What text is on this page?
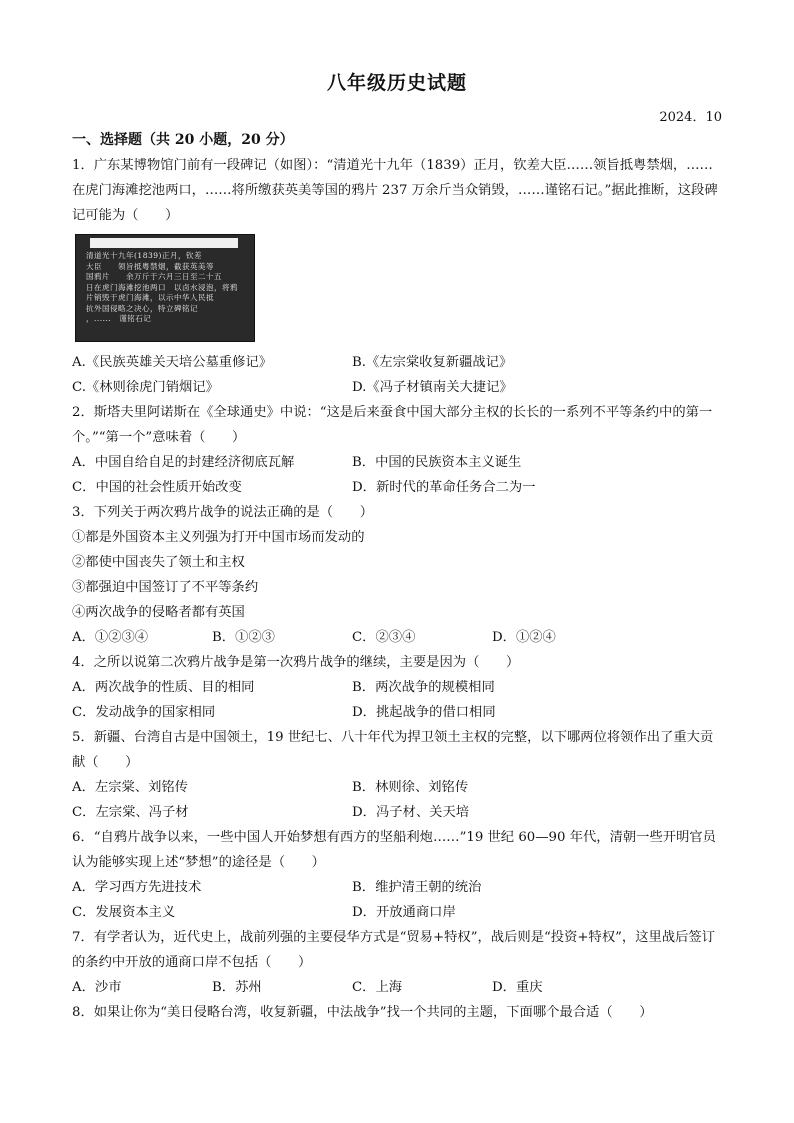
八年级历史试题
2024．10
一、选择题（共 20 小题，20 分）
1．广东某博物馆门前有一段碑记（如图）：“清道光十九年（1839）正月，钦差大臣……领旨抵粤禁烟，……在虎门海滩挖池两口，……将所缴获英美等国的鸦片 237 万余斤当众销毁，……谨铭石记。”据此推断，这段碑记可能为（　　）
清道光十九年(1839)正月，钦差
大臣　　领旨抵粤禁烟，截获英美等
国鸦片　　余万斤于六月三日至二十五
日在虎门海滩挖池两口　以卤水浸泡，将鸦
片销毁于虎门海滩，以示中华人民抵
抗外国侵略之决心，特立碑铭记
，......　谨铭石记
A.《民族英雄关天培公墓重修记》	B.《左宗棠收复新疆战记》
C.《林则徐虎门销烟记》	D.《冯子材镇南关大捷记》
2．斯塔夫里阿诺斯在《全球通史》中说：“这是后来蚕食中国大部分主权的长长的一系列不平等条约中的第一个。”“第一个”意味着（　　）
A．中国自给自足的封建经济彻底瓦解	B．中国的民族资本主义诞生
C．中国的社会性质开始改变	D．新时代的革命任务合二为一
3．下列关于两次鸦片战争的说法正确的是（　　）
①都是外国资本主义列强为打开中国市场而发动的
②都使中国丧失了领土和主权
③都强迫中国签订了不平等条约
④两次战争的侵略者都有英国
A．①②③④	B．①②③	C．②③④	D．①②④
4．之所以说第二次鸦片战争是第一次鸦片战争的继续，主要是因为（　　）
A．两次战争的性质、目的相同	B．两次战争的规模相同
C．发动战争的国家相同	D．挑起战争的借口相同
5．新疆、台湾自古是中国领土，19 世纪七、八十年代为捍卫领土主权的完整，以下哪两位将领作出了重大贡献（　　）
A．左宗棠、刘铭传	B．林则徐、刘铭传
C．左宗棠、冯子材	D．冯子材、关天培
6．“自鸦片战争以来，一些中国人开始梦想有西方的坚船利炮……”19 世纪 60—90 年代，清朝一些开明官员认为能够实现上述“梦想”的途径是（　　）
A．学习西方先进技术	B．维护清王朝的统治
C．发展资本主义	D．开放通商口岸
7．有学者认为，近代史上，战前列强的主要侵华方式是“贸易+特权”，战后则是“投资+特权”，这里战后签订的条约中开放的通商口岸不包括（　　）
A．沙市	B．苏州	C．上海	D．重庆
8．如果让你为“美日侵略台湾，收复新疆，中法战争”找一个共同的主题，下面哪个最合适（　　）
